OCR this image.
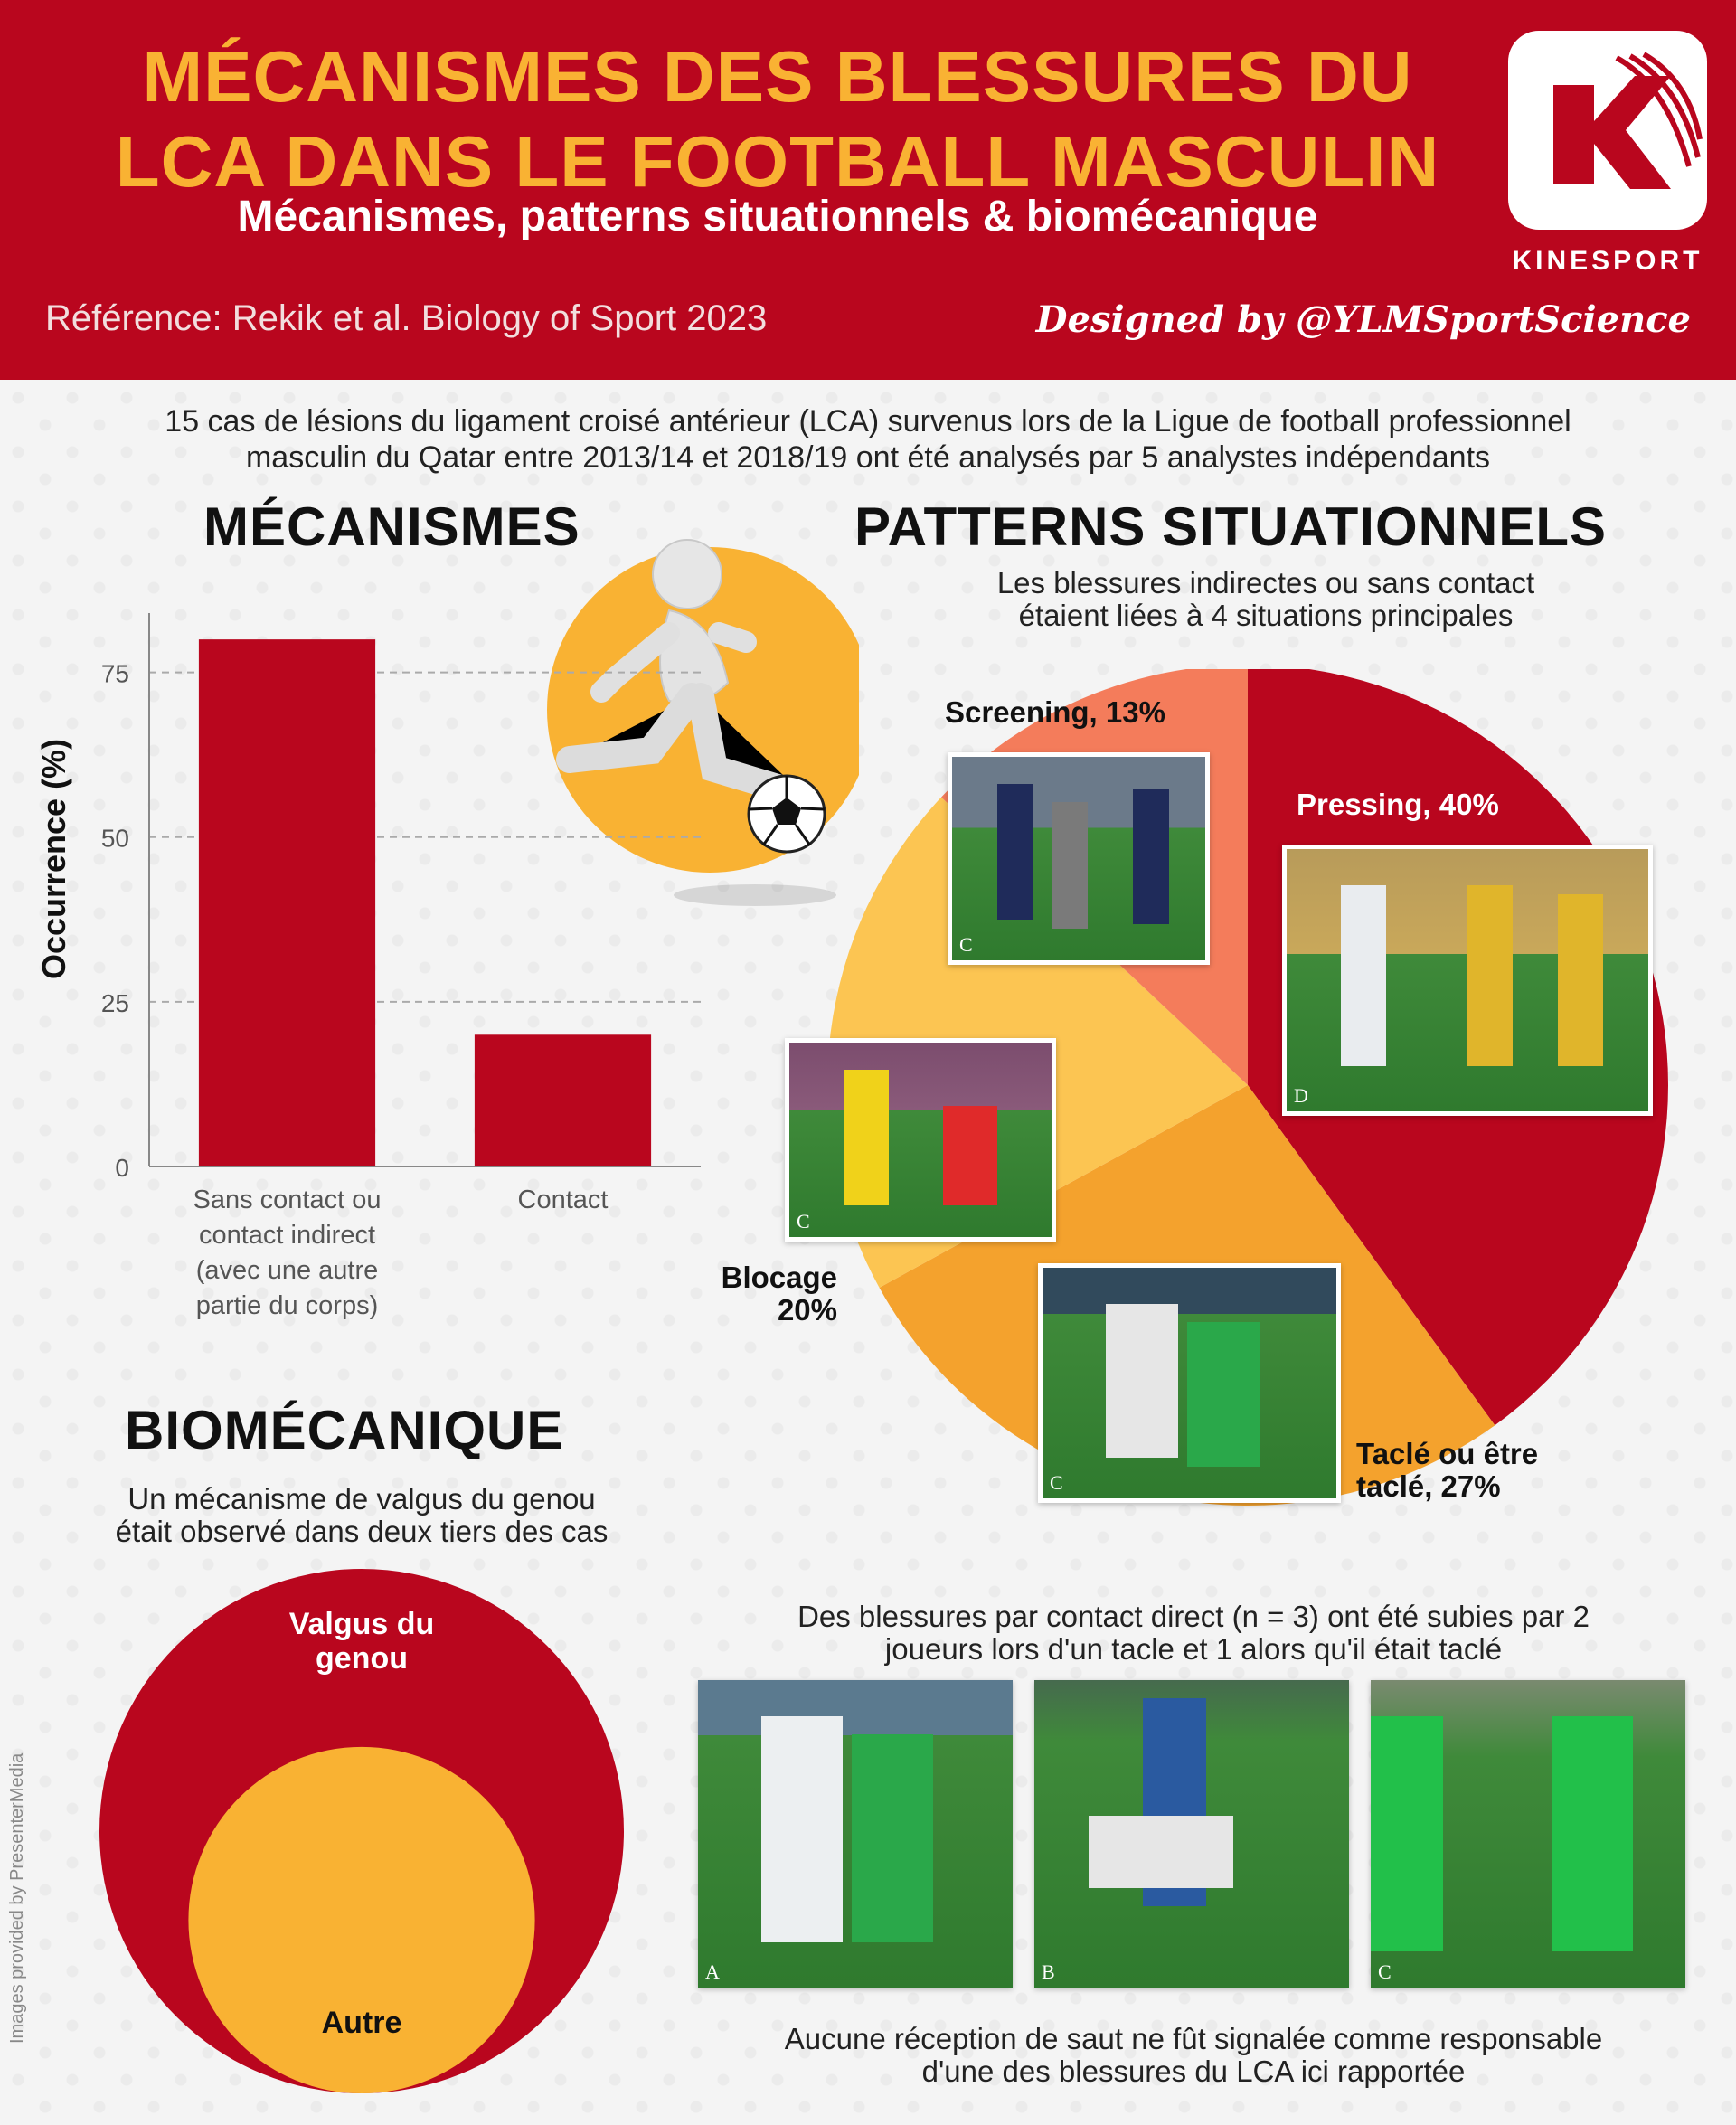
MÉCANISMES DES BLESSURES DU
LCA DANS LE FOOTBALL MASCULIN
Mécanismes, patterns situationnels & biomécanique
Référence: Rekik et al. Biology of Sport 2023	Designed by @YLMSportScience
KINESPORT
15 cas de lésions du ligament croisé antérieur (LCA) survenus lors de la Ligue de football professionnel
masculin du Qatar entre 2013/14 et 2018/19 ont été analysés par 5 analystes indépendants
MÉCANISMES
Occurrence (%)
0
25
50
75
Sans contact ou
contact indirect
(avec une autre
partie du corps)
Contact
PATTERNS SITUATIONNELS
Les blessures indirectes ou sans contact
étaient liées à 4 situations principales
Screening, 13%
Pressing, 40%
Blocage
20%
Taclé ou être
taclé, 27%
C
D
C
C
BIOMÉCANIQUE
Un mécanisme de valgus du genou
était observé dans deux tiers des cas
Valgus du
genou
Autre
Des blessures par contact direct (n = 3) ont été subies par 2
joueurs lors d'un tacle et 1 alors qu'il était taclé
A	B	C
Aucune réception de saut ne fût signalée comme responsable
d'une des blessures du LCA ici rapportée
Images provided by PresenterMedia
